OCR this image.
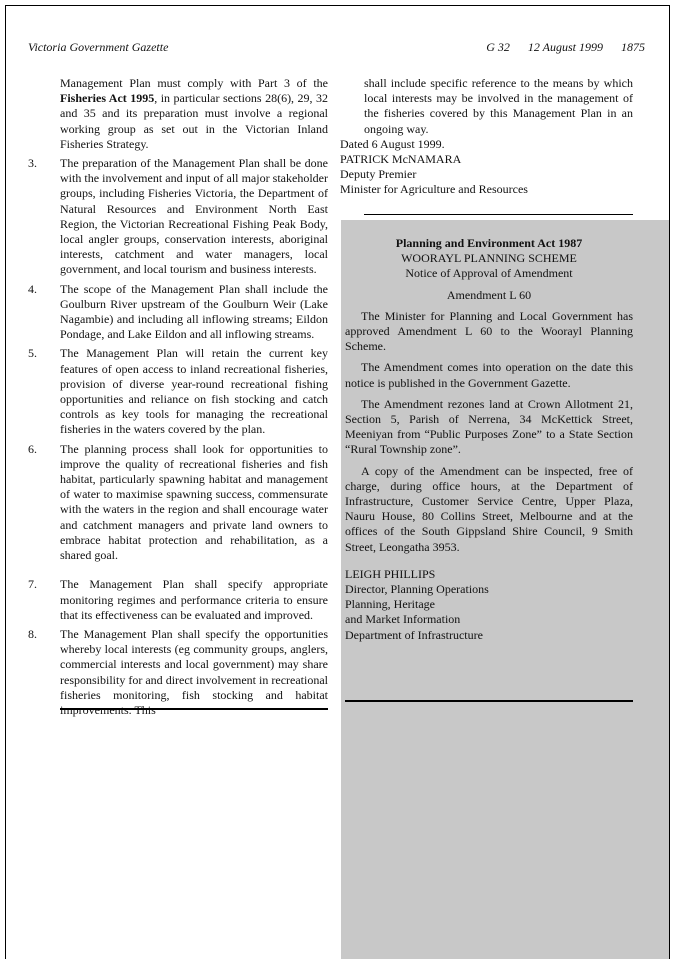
Victoria Government Gazette	G 32 12 August 1999 1875

Management Plan must comply with Part 3 of the Fisheries Act 1995, in particular sections 28(6), 29, 32 and 35 and its preparation must involve a regional working group as set out in the Victorian Inland Fisheries Strategy.

3.	The preparation of the Management Plan shall be done with the involvement and input of all major stakeholder groups, including Fisheries Victoria, the Department of Natural Resources and Environment North East Region, the Victorian Recreational Fishing Peak Body, local angler groups, conservation interests, aboriginal interests, catchment and water managers, local government, and local tourism and business interests.

4.	The scope of the Management Plan shall include the Goulburn River upstream of the Goulburn Weir (Lake Nagambie) and including all inflowing streams; Eildon Pondage, and Lake Eildon and all inflowing streams.

5.	The Management Plan will retain the current key features of open access to inland recreational fisheries, provision of diverse year-round recreational fishing opportunities and reliance on fish stocking and catch controls as key tools for managing the recreational fisheries in the waters covered by the plan.

6.	The planning process shall look for opportunities to improve the quality of recreational fisheries and fish habitat, particularly spawning habitat and management of water to maximise spawning success, commensurate with the waters in the region and shall encourage water and catchment managers and private land owners to embrace habitat protection and rehabilitation, as a shared goal.

7.	The Management Plan shall specify appropriate monitoring regimes and performance criteria to ensure that its effectiveness can be evaluated and improved.

8.	The Management Plan shall specify the opportunities whereby local interests (eg community groups, anglers, commercial interests and local government) may share responsibility for and direct involvement in recreational fisheries monitoring, fish stocking and habitat improvements. This

shall include specific reference to the means by which local interests may be involved in the management of the fisheries covered by this Management Plan in an ongoing way.

Dated 6 August 1999.

PATRICK McNAMARA

Deputy Premier

Minister for Agriculture and Resources

Planning and Environment Act 1987

WOORAYL PLANNING SCHEME

Notice of Approval of Amendment

Amendment L 60

The Minister for Planning and Local Government has approved Amendment L 60 to the Woorayl Planning Scheme.

The Amendment comes into operation on the date this notice is published in the Government Gazette.

The Amendment rezones land at Crown Allotment 21, Section 5, Parish of Nerrena, 34 McKettick Street, Meeniyan from “Public Purposes Zone” to a State Section “Rural Township zone”.

A copy of the Amendment can be inspected, free of charge, during office hours, at the Department of Infrastructure, Customer Service Centre, Upper Plaza, Nauru House, 80 Collins Street, Melbourne and at the offices of the South Gippsland Shire Council, 9 Smith Street, Leongatha 3953.

LEIGH PHILLIPS

Director, Planning Operations

Planning, Heritage

and Market Information

Department of Infrastructure
